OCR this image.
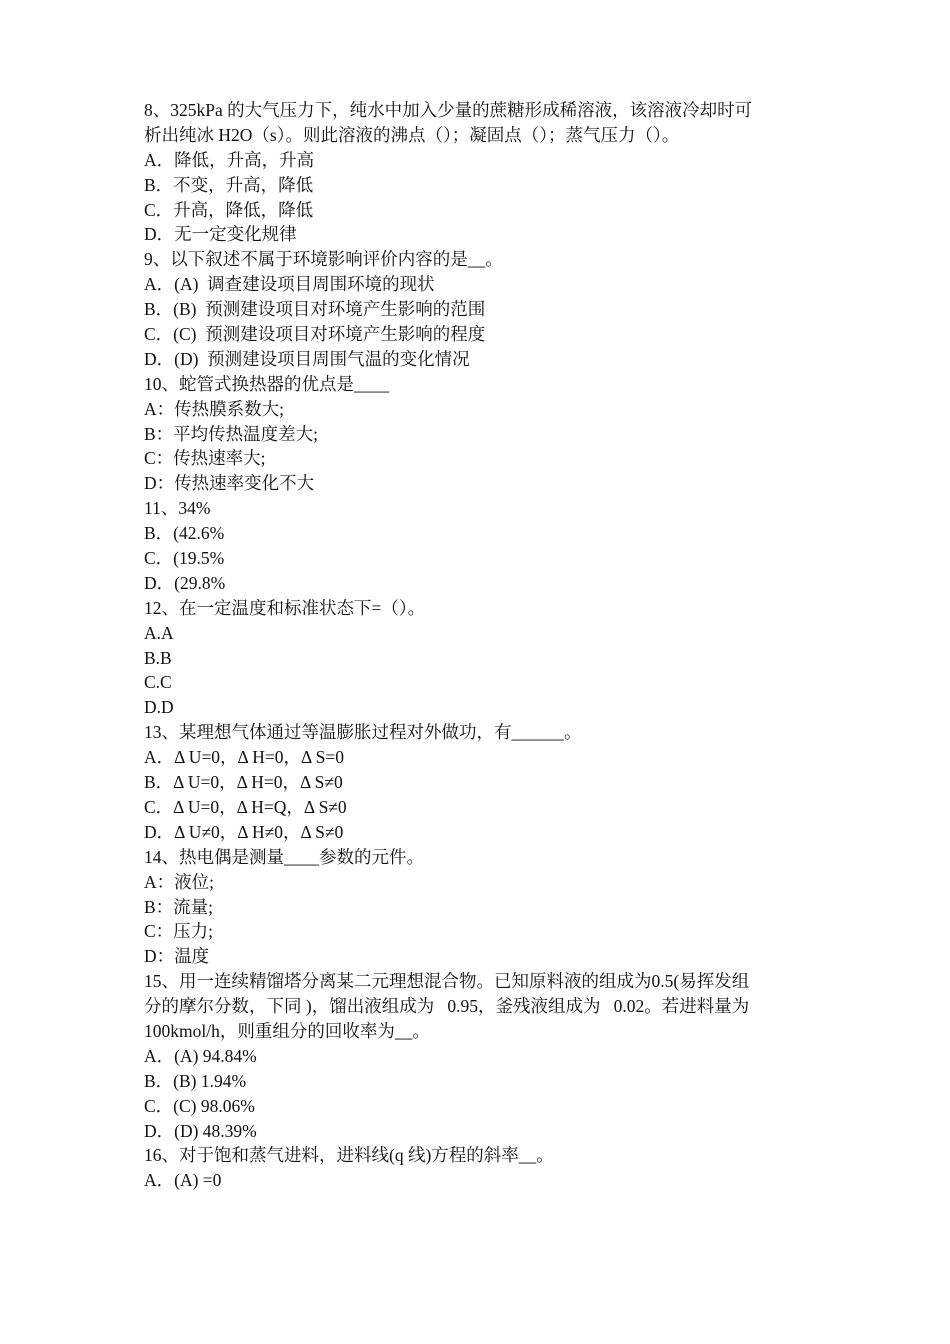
8、325kPa 的大气压力下，纯水中加入少量的蔗糖形成稀溶液，该溶液冷却时可
析出纯冰 H2O（s）。则此溶液的沸点（）；凝固点（）；蒸气压力（）。
A．降低，升高，升高
B．不变，升高，降低
C．升高，降低，降低
D．无一定变化规律
9、以下叙述不属于环境影响评价内容的是__。
A．(A)  调查建设项目周围环境的现状
B．(B)  预测建设项目对环境产生影响的范围
C．(C)  预测建设项目对环境产生影响的程度
D．(D)  预测建设项目周围气温的变化情况
10、蛇管式换热器的优点是____
A：传热膜系数大;
B：平均传热温度差大;
C：传热速率大;
D：传热速率变化不大
11、34%
B．(42.6%
C．(19.5%
D．(29.8%
12、在一定温度和标准状态下=（）。
A.A
B.B
C.C
D.D
13、某理想气体通过等温膨胀过程对外做功，有______。
A．Δ U=0，Δ H=0，Δ S=0
B．Δ U=0，Δ H=0，Δ S≠0
C．Δ U=0，Δ H=Q，Δ S≠0
D．Δ U≠0，Δ H≠0，Δ S≠0
14、热电偶是测量____参数的元件。
A：液位;
B：流量;
C：压力;
D：温度
15、用一连续精馏塔分离某二元理想混合物。已知原料液的组成为0.5(易挥发组
分的摩尔分数，下同 )，馏出液组成为   0.95，釜残液组成为   0.02。若进料量为
100kmol/h，则重组分的回收率为__。
A．(A) 94.84%
B．(B) 1.94%
C．(C) 98.06%
D．(D) 48.39%
16、对于饱和蒸气进料，进料线(q 线)方程的斜率__。
A．(A) =0
